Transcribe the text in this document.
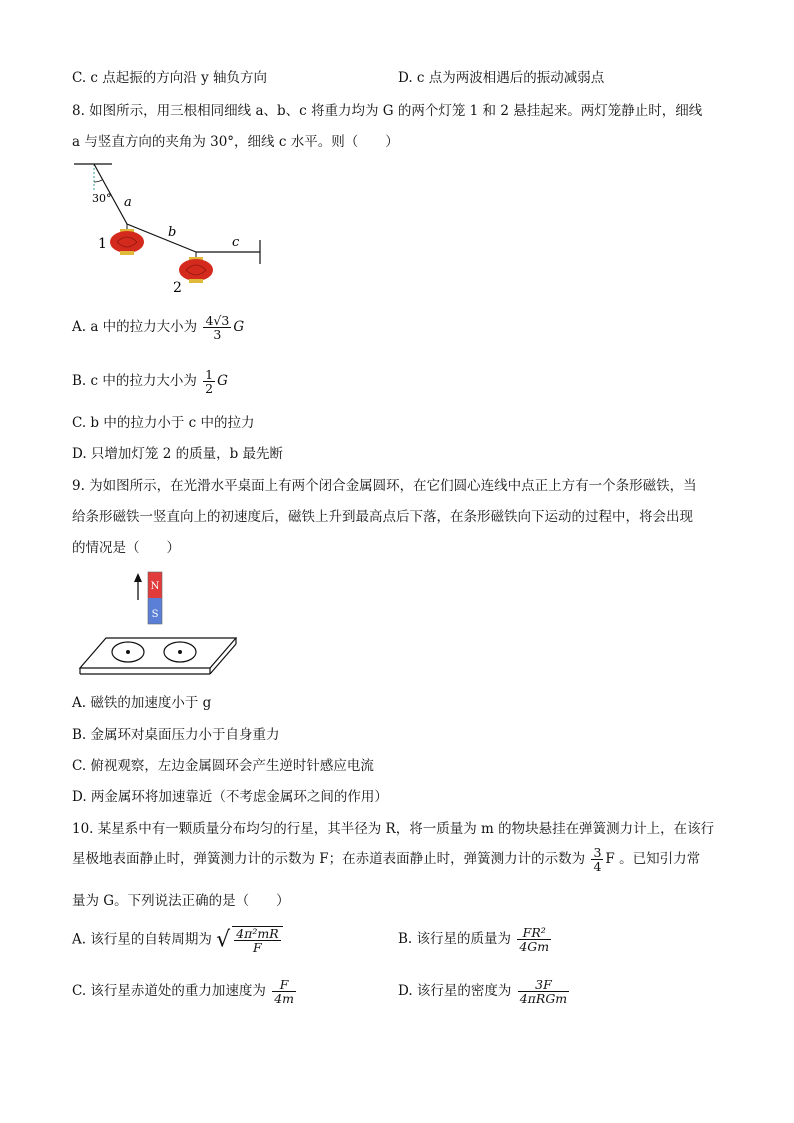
C. c 点起振的方向沿 y 轴负方向	D. c 点为两波相遇后的振动减弱点
8. 如图所示，用三根相同细线 a、b、c 将重力均为 G 的两个灯笼 1 和 2 悬挂起来。两灯笼静止时，细线
a 与竖直方向的夹角为 30°，细线 c 水平。则（　　）
30° a
b
c
1
2
A. a 中的拉力大小为 $\frac{4√3}{3}$ G
B. c 中的拉力大小为 $\frac{1}{2}$ G
C. b 中的拉力小于 c 中的拉力
D. 只增加灯笼 2 的质量，b 最先断
9. 为如图所示，在光滑水平桌面上有两个闭合金属圆环，在它们圆心连线中点正上方有一个条形磁铁，当
给条形磁铁一竖直向上的初速度后，磁铁上升到最高点后下落，在条形磁铁向下运动的过程中，将会出现
的情况是（　　）
N
S
A. 磁铁的加速度小于 g
B. 金属环对桌面压力小于自身重力
C. 俯视观察，左边金属圆环会产生逆时针感应电流
D. 两金属环将加速靠近（不考虑金属环之间的作用）
10. 某星系中有一颗质量分布均匀的行星，其半径为 R，将一质量为 m 的物块悬挂在弹簧测力计上，在该行
星极地表面静止时，弹簧测力计的示数为 F；在赤道表面静止时，弹簧测力计的示数为 $\frac{3}{4}$ F 。已知引力常
量为 G。下列说法正确的是（　　）
A. 该行星的自转周期为 √ $\frac{\text{4π²mR}}{F}$	B. 该行星的质量为 $\frac{\text{FR²}}{4Gm}$
C. 该行星赤道处的重力加速度为 $\frac{F}{4m}$	D. 该行星的密度为 $\frac{3F}{\text{4πRGm}}$
